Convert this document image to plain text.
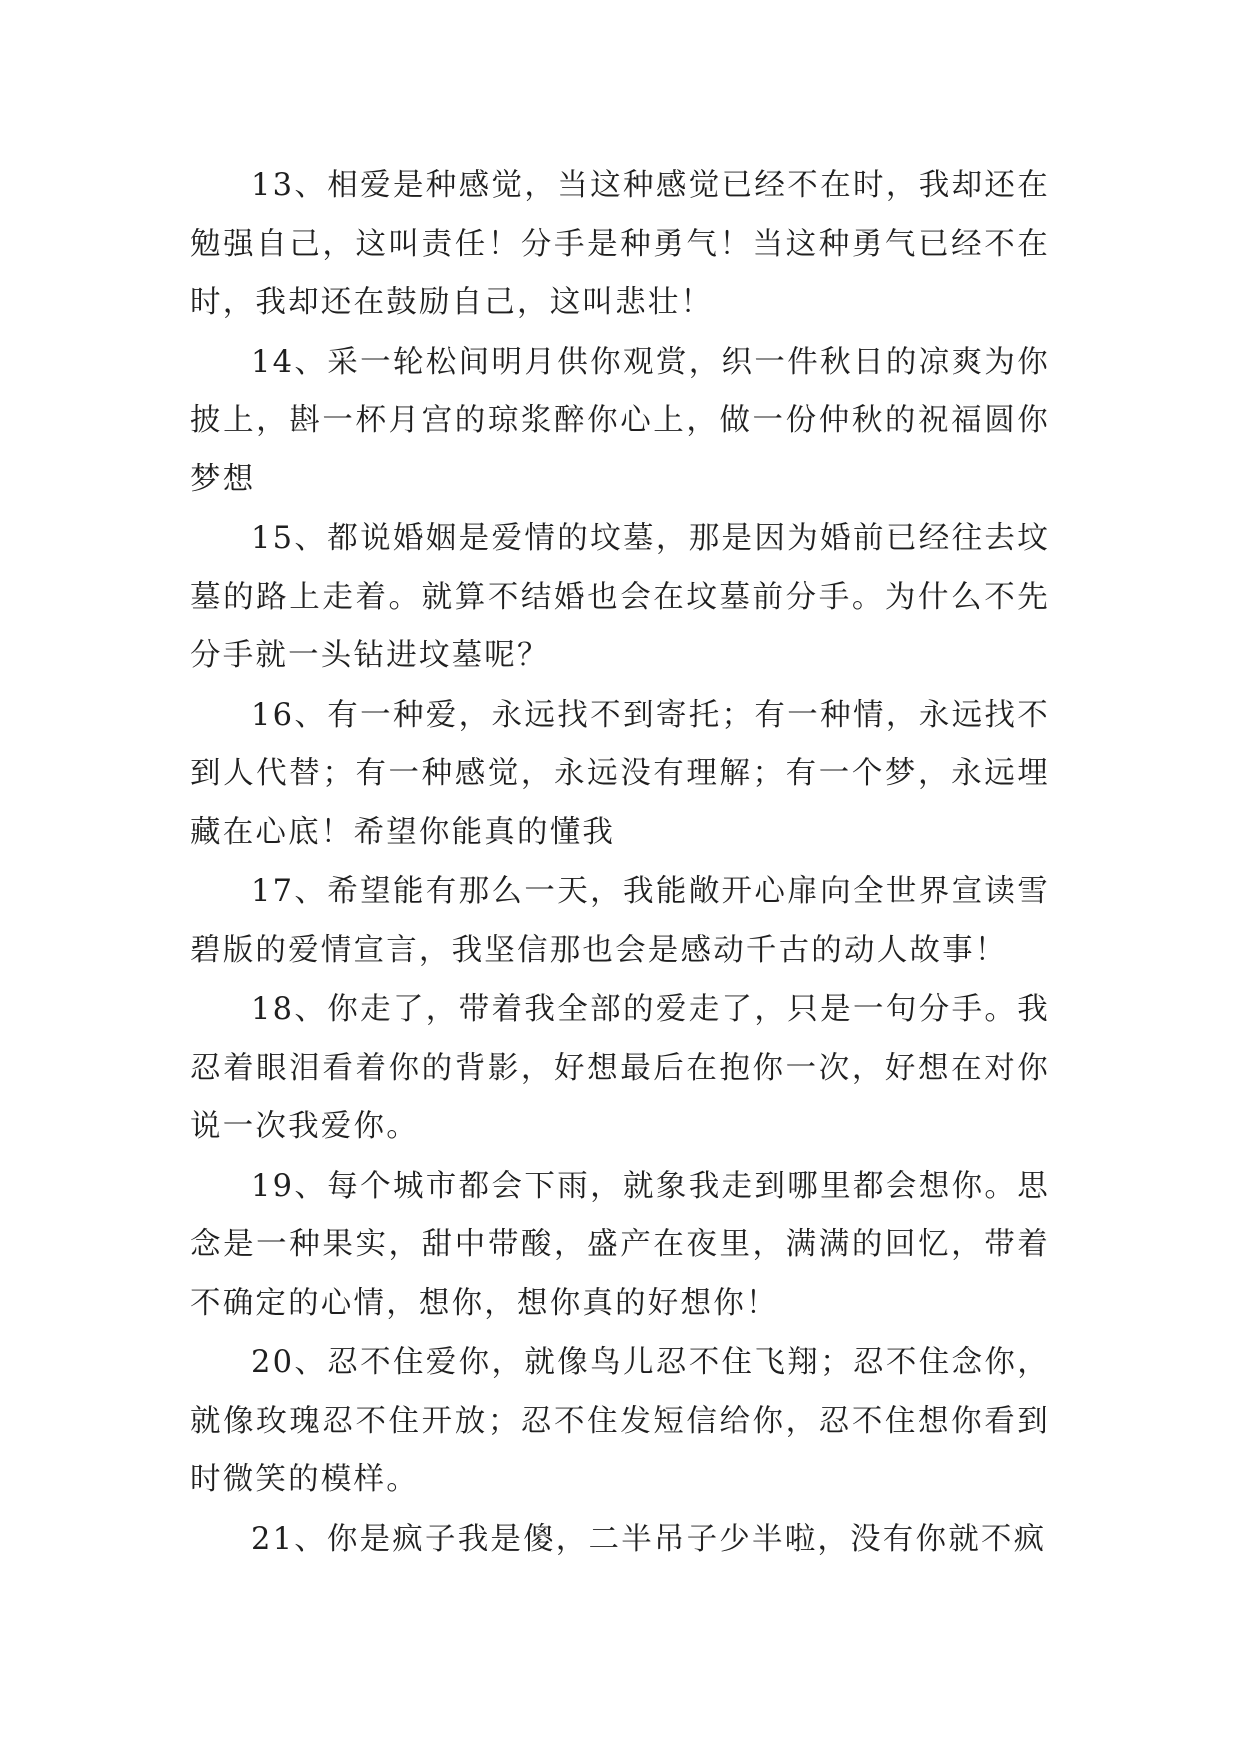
13、相爱是种感觉，当这种感觉已经不在时，我却还在勉强自己，这叫责任！分手是种勇气！当这种勇气已经不在时，我却还在鼓励自己，这叫悲壮！

14、采一轮松间明月供你观赏，织一件秋日的凉爽为你披上，斟一杯月宫的琼浆醉你心上，做一份仲秋的祝福圆你梦想

15、都说婚姻是爱情的坟墓，那是因为婚前已经往去坟墓的路上走着。就算不结婚也会在坟墓前分手。为什么不先分手就一头钻进坟墓呢？

16、有一种爱，永远找不到寄托；有一种情，永远找不到人代替；有一种感觉，永远没有理解；有一个梦，永远埋藏在心底！希望你能真的懂我

17、希望能有那么一天，我能敞开心扉向全世界宣读雪碧版的爱情宣言，我坚信那也会是感动千古的动人故事！

18、你走了，带着我全部的爱走了，只是一句分手。我忍着眼泪看着你的背影，好想最后在抱你一次，好想在对你说一次我爱你。

19、每个城市都会下雨，就象我走到哪里都会想你。思念是一种果实，甜中带酸，盛产在夜里，满满的回忆，带着不确定的心情，想你，想你真的好想你！

20、忍不住爱你，就像鸟儿忍不住飞翔；忍不住念你，就像玫瑰忍不住开放；忍不住发短信给你，忍不住想你看到时微笑的模样。

21、你是疯子我是傻，二半吊子少半啦，没有你就不疯
